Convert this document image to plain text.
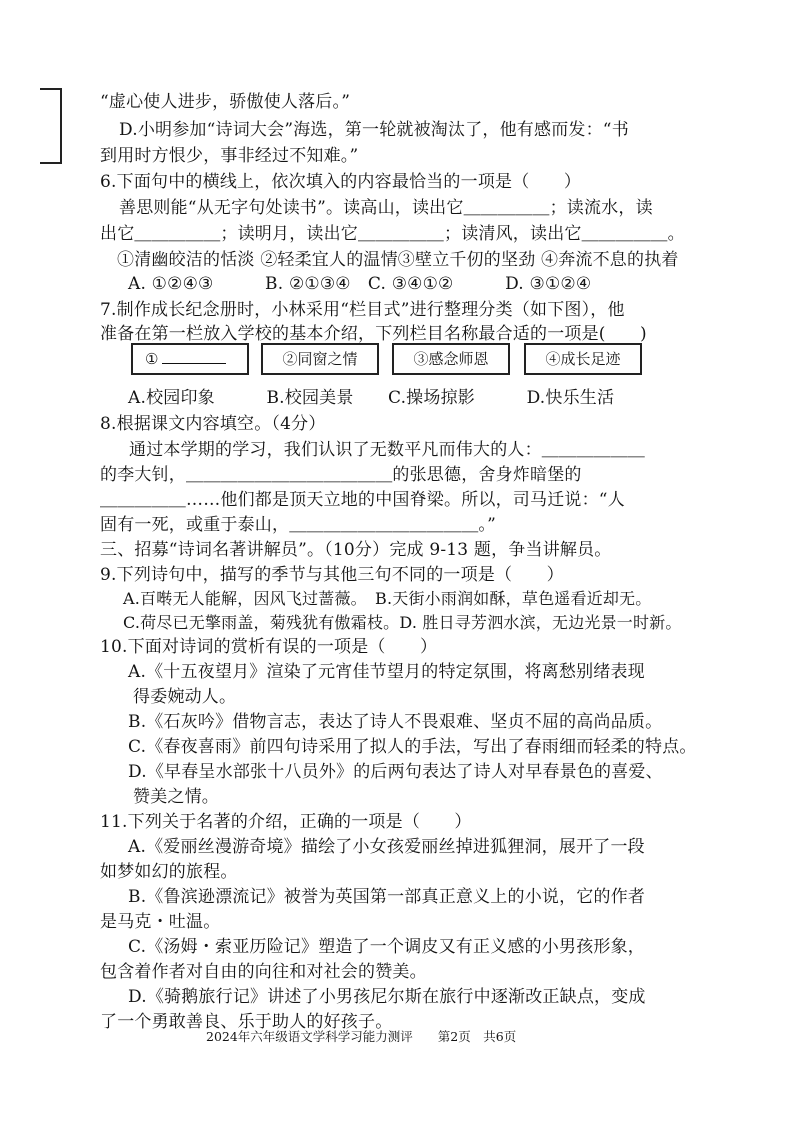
“虚心使人进步，骄傲使人落后。”
D.小明参加“诗词大会”海选，第一轮就被淘汰了，他有感而发：“书
到用时方恨少，事非经过不知难。”
6.下面句中的横线上，依次填入的内容最恰当的一项是（　　）
善思则能“从无字句处读书”。读高山，读出它＿＿＿＿＿；读流水，读
出它＿＿＿＿＿；读明月，读出它＿＿＿＿＿；读清风，读出它＿＿＿＿＿。
①清幽皎洁的恬淡 ②轻柔宜人的温情③壁立千仞的坚劲 ④奔流不息的执着
A. ①②④③　　　B. ②①③④　C. ③④①②　　　D. ③①②④
7.制作成长纪念册时，小林采用“栏目式”进行整理分类（如下图），他
准备在第一栏放入学校的基本介绍，下列栏目名称最合适的一项是(　　)
①	②同窗之情	③感念师恩	④成长足迹
A.校园印象　　　B.校园美景　　C.操场掠影　　　D.快乐生活
8.根据课文内容填空。（4分）
通过本学期的学习，我们认识了无数平凡而伟大的人：＿＿＿＿＿＿
的李大钊，＿＿＿＿＿＿＿＿＿＿＿＿的张思德，舍身炸暗堡的
＿＿＿＿＿……他们都是顶天立地的中国脊梁。所以，司马迁说：“人
固有一死，或重于泰山，＿＿＿＿＿＿＿＿＿＿＿。”
三、招募“诗词名著讲解员”。（10分）完成 9-13 题，争当讲解员。
9.下列诗句中，描写的季节与其他三句不同的一项是（　　）
A.百啭无人能解，因风飞过蔷薇。　B.天街小雨润如酥，草色遥看近却无。
C.荷尽已无擎雨盖，菊残犹有傲霜枝。D. 胜日寻芳泗水滨，无边光景一时新。
10.下面对诗词的赏析有误的一项是（　　）
A.《十五夜望月》渲染了元宵佳节望月的特定氛围，将离愁别绪表现
得委婉动人。
B.《石灰吟》借物言志，表达了诗人不畏艰难、坚贞不屈的高尚品质。
C.《春夜喜雨》前四句诗采用了拟人的手法，写出了春雨细而轻柔的特点。
D.《早春呈水部张十八员外》的后两句表达了诗人对早春景色的喜爱、
赞美之情。
11.下列关于名著的介绍，正确的一项是（　　）
A.《爱丽丝漫游奇境》描绘了小女孩爱丽丝掉进狐狸洞，展开了一段
如梦如幻的旅程。
B.《鲁滨逊漂流记》被誉为英国第一部真正意义上的小说，它的作者
是马克・吐温。
C.《汤姆・索亚历险记》塑造了一个调皮又有正义感的小男孩形象，
包含着作者对自由的向往和对社会的赞美。
D.《骑鹅旅行记》讲述了小男孩尼尔斯在旅行中逐渐改正缺点，变成
了一个勇敢善良、乐于助人的好孩子。
2024年六年级语文学科学习能力测评　　第2页　共6页
